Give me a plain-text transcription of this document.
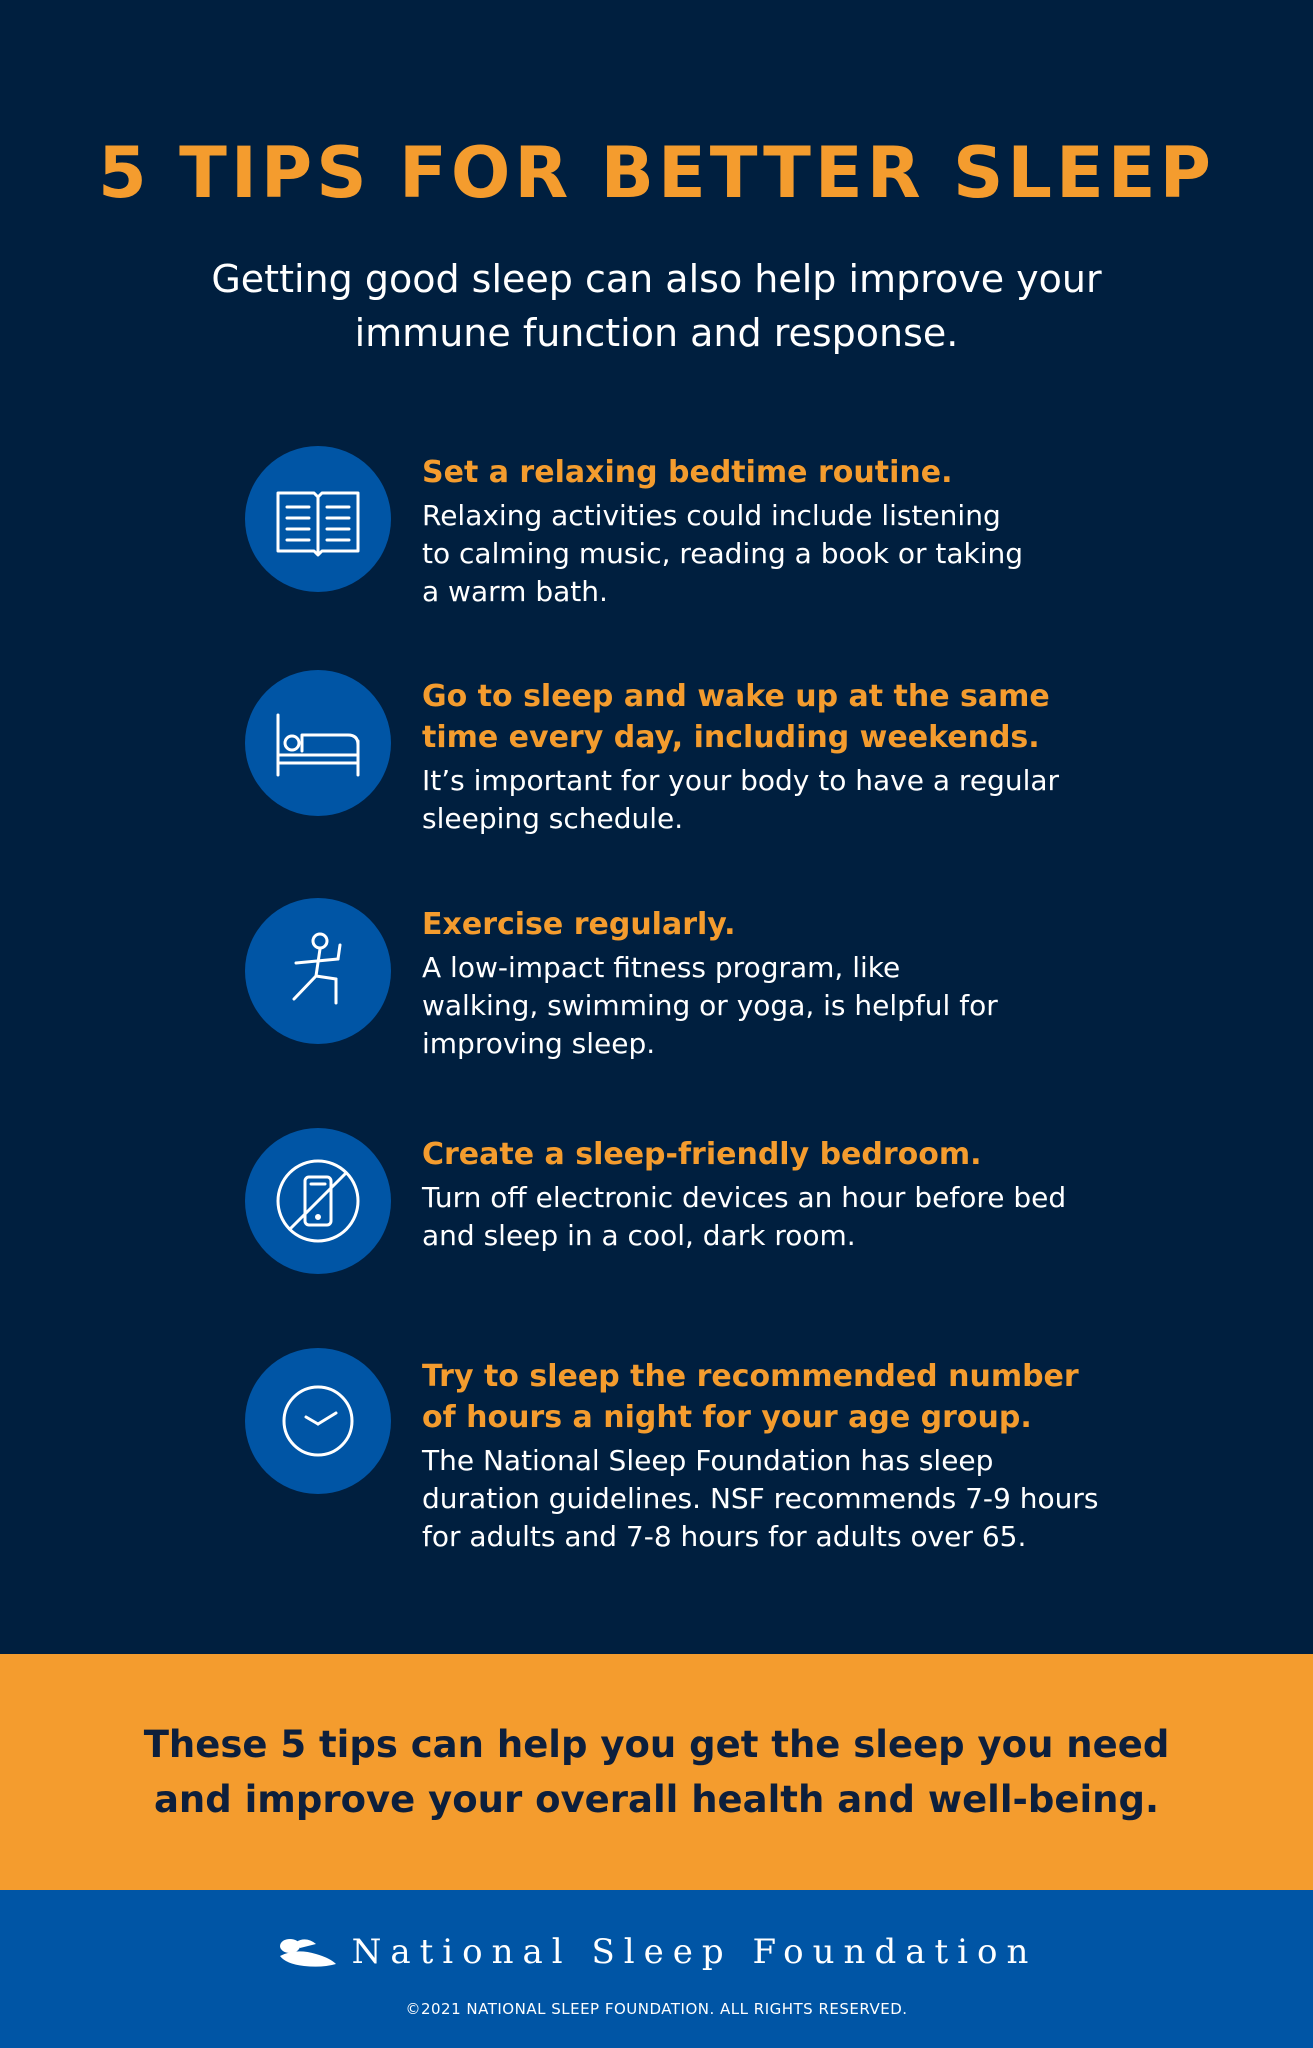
5 TIPS FOR BETTER SLEEP
Getting good sleep can also help improve your immune function and response.
Set a relaxing bedtime routine.
Relaxing activities could include listening
to calming music, reading a book or taking
a warm bath.
Go to sleep and wake up at the same
time every day, including weekends.
It’s important for your body to have a regular
sleeping schedule.
Exercise regularly.
A low-impact fitness program, like
walking, swimming or yoga, is helpful for
improving sleep.
Create a sleep-friendly bedroom.
Turn off electronic devices an hour before bed
and sleep in a cool, dark room.
Try to sleep the recommended number
of hours a night for your age group.
The National Sleep Foundation has sleep
duration guidelines. NSF recommends 7-9 hours
for adults and 7-8 hours for adults over 65.
These 5 tips can help you get the sleep you need
and improve your overall health and well-being.
National Sleep Foundation
©2021 NATIONAL SLEEP FOUNDATION. ALL RIGHTS RESERVED.
